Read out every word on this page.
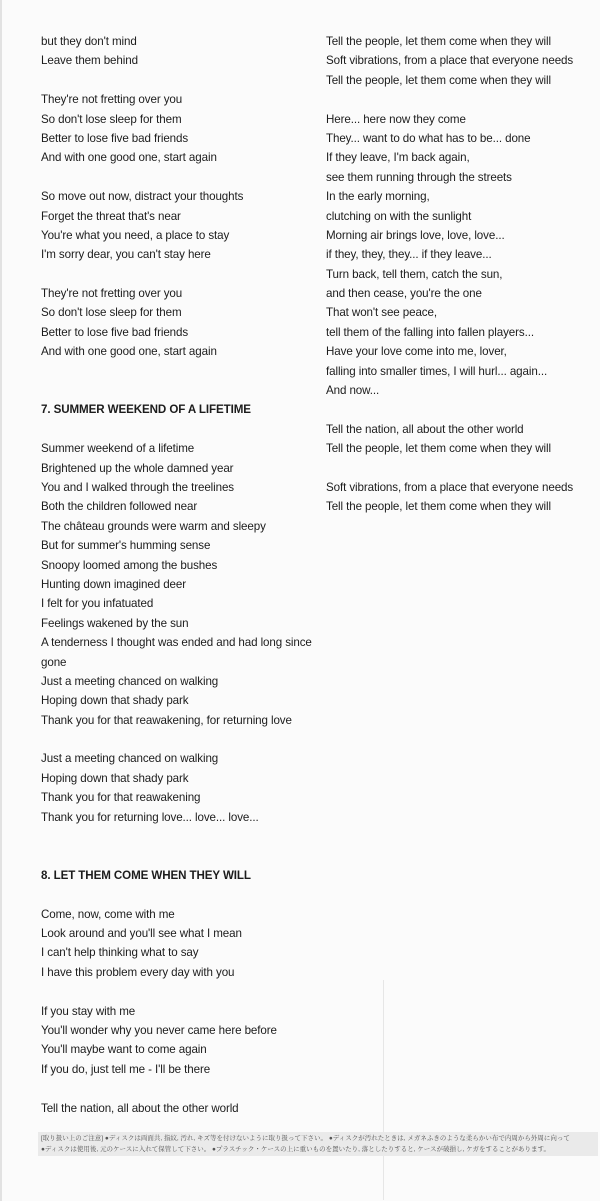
but they don't mind
Leave them behind
They're not fretting over you
So don't lose sleep for them
Better to lose five bad friends
And with one good one, start again
So move out now, distract your thoughts
Forget the threat that's near
You're what you need, a place to stay
I'm sorry dear, you can't stay here
They're not fretting over you
So don't lose sleep for them
Better to lose five bad friends
And with one good one, start again
7. SUMMER WEEKEND OF A LIFETIME
Summer weekend of a lifetime
Brightened up the whole damned year
You and I walked through the treelines
Both the children followed near
The château grounds were warm and sleepy
But for summer's humming sense
Snoopy loomed among the bushes
Hunting down imagined deer
I felt for you infatuated
Feelings wakened by the sun
A tenderness I thought was ended and had long since
gone
Just a meeting chanced on walking
Hoping down that shady park
Thank you for that reawakening, for returning love
Just a meeting chanced on walking
Hoping down that shady park
Thank you for that reawakening
Thank you for returning love... love... love...
8. LET THEM COME WHEN THEY WILL
Come, now, come with me
Look around and you'll see what I mean
I can't help thinking what to say
I have this problem every day with you
If you stay with me
You'll wonder why you never came here before
You'll maybe want to come again
If you do, just tell me - I'll be there
Tell the nation, all about the other world
Tell the people, let them come when they will
Soft vibrations, from a place that everyone needs
Tell the people, let them come when they will
Here... here now they come
They... want to do what has to be... done
If they leave, I'm back again,
see them running through the streets
In the early morning,
clutching on with the sunlight
Morning air brings love, love, love...
if they, they, they... if they leave...
Turn back, tell them, catch the sun,
and then cease, you're the one
That won't see peace,
tell them of the falling into fallen players...
Have your love come into me, lover,
falling into smaller times, I will hurl... again...
And now...
Tell the nation, all about the other world
Tell the people, let them come when they will
Soft vibrations, from a place that everyone needs
Tell the people, let them come when they will
[取り扱い上のご注意] ●ディスクは両面共, 指紋, 汚れ, キズ等を付けないように取り扱って下さい。 ●ディスクが汚れたときは, メガネふきのような柔らかい布で内周から外周に向って
●ディスクは使用後, 元のケースに入れて保管して下さい。 ●プラスチック・ケースの上に重いものを置いたり, 落としたりすると, ケースが破損し, ケガをすることがあります。
